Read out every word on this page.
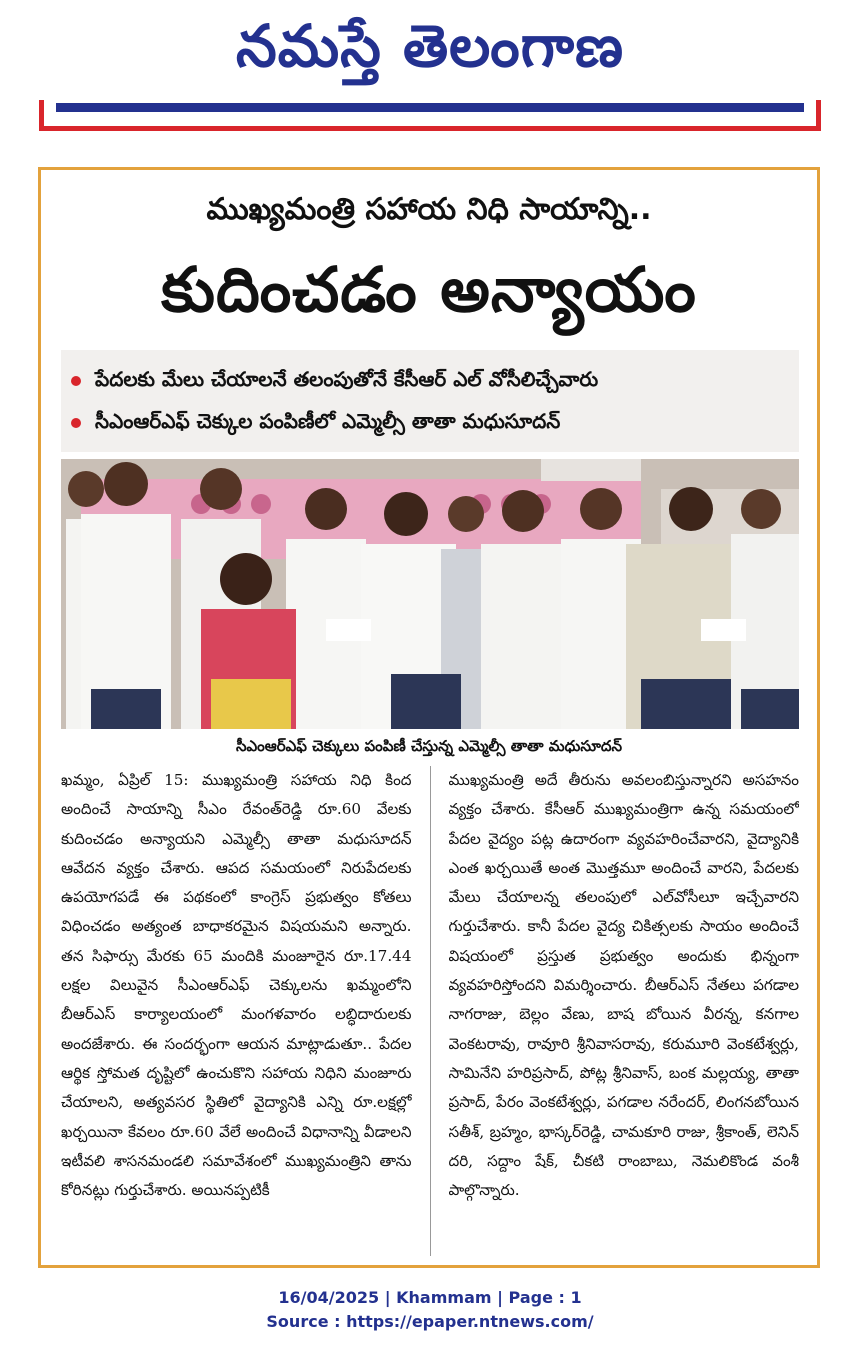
నమస్తే తెలంగాణ
ముఖ్యమంత్రి సహాయ నిధి సాయాన్ని..
కుదించడం అన్యాయం
పేదలకు మేలు చేయాలనే తలంపుతోనే కేసీఆర్ ఎల్ వోసీలిచ్చేవారు
సీఎంఆర్ఎఫ్ చెక్కుల పంపిణీలో ఎమ్మెల్సీ తాతా మధుసూదన్
సీఎంఆర్ఎఫ్ చెక్కులు పంపిణీ చేస్తున్న ఎమ్మెల్సీ తాతా మధుసూదన్
ఖమ్మం, ఏప్రిల్ 15: ముఖ్యమంత్రి సహాయ నిధి కింద అందించే సాయాన్ని సీఎం రేవంత్‌రెడ్డి రూ.60 వేలకు కుదించడం అన్యాయని ఎమ్మెల్సీ తాతా మధుసూదన్ ఆవేదన వ్యక్తం చేశారు. ఆపద సమయంలో నిరుపేదలకు ఉపయోగపడే ఈ పథకంలో కాంగ్రెస్ ప్రభుత్వం కోతలు విధించడం అత్యంత బాధాకరమైన విషయమని అన్నారు. తన సిఫార్సు మేరకు 65 మందికి మంజూరైన రూ.17.44 లక్షల విలువైన సీఎంఆర్ఎఫ్ చెక్కులను ఖమ్మంలోని బీఆర్ఎస్ కార్యాలయంలో మంగళవారం లబ్ధిదారులకు అందజేశారు. ఈ సందర్భంగా ఆయన మాట్లాడుతూ.. పేదల ఆర్థిక స్తోమత దృష్టిలో ఉంచుకొని సహాయ నిధిని మంజూరు చేయాలని, అత్యవసర స్థితిలో వైద్యానికి ఎన్ని రూ.లక్షల్లో ఖర్చయినా కేవలం రూ.60 వేలే అందించే విధానాన్ని వీడాలని ఇటీవలి శాసనమండలి సమావేశంలో ముఖ్యమంత్రిని తాను కోరినట్లు గుర్తుచేశారు. అయినప్పటికీ
ముఖ్యమంత్రి అదే తీరును అవలంబిస్తున్నారని అసహనం వ్యక్తం చేశారు. కేసీఆర్ ముఖ్యమంత్రిగా ఉన్న సమయంలో పేదల వైద్యం పట్ల ఉదారంగా వ్యవహరించేవారని, వైద్యానికి ఎంత ఖర్చయితే అంత మొత్తమూ అందించే వారని, పేదలకు మేలు చేయాలన్న తలంపులో ఎల్‌వోసీలూ ఇచ్చేవారని గుర్తుచేశారు. కానీ పేదల వైద్య చికిత్సలకు సాయం అందించే విషయంలో ప్రస్తుత ప్రభుత్వం అందుకు భిన్నంగా వ్యవహరిస్తోందని విమర్శించారు. బీఆర్ఎస్ నేతలు పగడాల నాగరాజు, బెల్లం వేణు, బాష బోయిన వీరన్న, కనగాల వెంకటరావు, రావూరి శ్రీనివాసరావు, కరుమూరి వెంకటేశ్వర్లు, సామినేని హరిప్రసాద్, పోట్ల శ్రీనివాస్, బంక మల్లయ్య, తాతా ప్రసాద్, పేరం వెంకటేశ్వర్లు, పగడాల నరేందర్, లింగనబోయిన సతీశ్, బ్రహ్మం, భాస్కర్‌రెడ్డి, చామకూరి రాజు, శ్రీకాంత్, లెనిన్ దరి, సద్దాం షేక్, చీకటి రాంబాబు, నెమలికొండ వంశీ పాల్గొన్నారు.
16/04/2025 | Khammam | Page : 1
Source : https://epaper.ntnews.com/
